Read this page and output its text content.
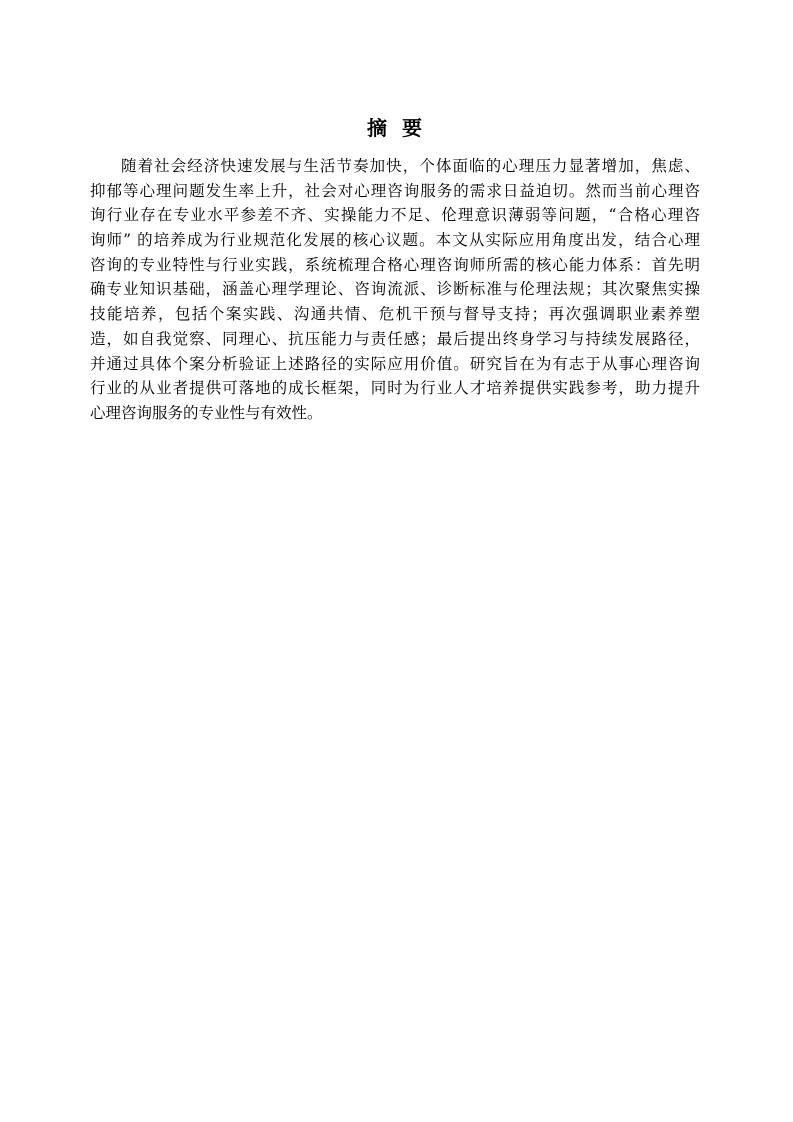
摘 要
随着社会经济快速发展与生活节奏加快，个体面临的心理压力显著增加，焦虑、
抑郁等心理问题发生率上升，社会对心理咨询服务的需求日益迫切。然而当前心理咨
询行业存在专业水平参差不齐、实操能力不足、伦理意识薄弱等问题，“合格心理咨
询师” 的培养成为行业规范化发展的核心议题。本文从实际应用角度出发，结合心理
咨询的专业特性与行业实践，系统梳理合格心理咨询师所需的核心能力体系：首先明
确专业知识基础，涵盖心理学理论、咨询流派、诊断标准与伦理法规；其次聚焦实操
技能培养，包括个案实践、沟通共情、危机干预与督导支持；再次强调职业素养塑
造，如自我觉察、同理心、抗压能力与责任感；最后提出终身学习与持续发展路径，
并通过具体个案分析验证上述路径的实际应用价值。研究旨在为有志于从事心理咨询
行业的从业者提供可落地的成长框架，同时为行业人才培养提供实践参考，助力提升
心理咨询服务的专业性与有效性。
